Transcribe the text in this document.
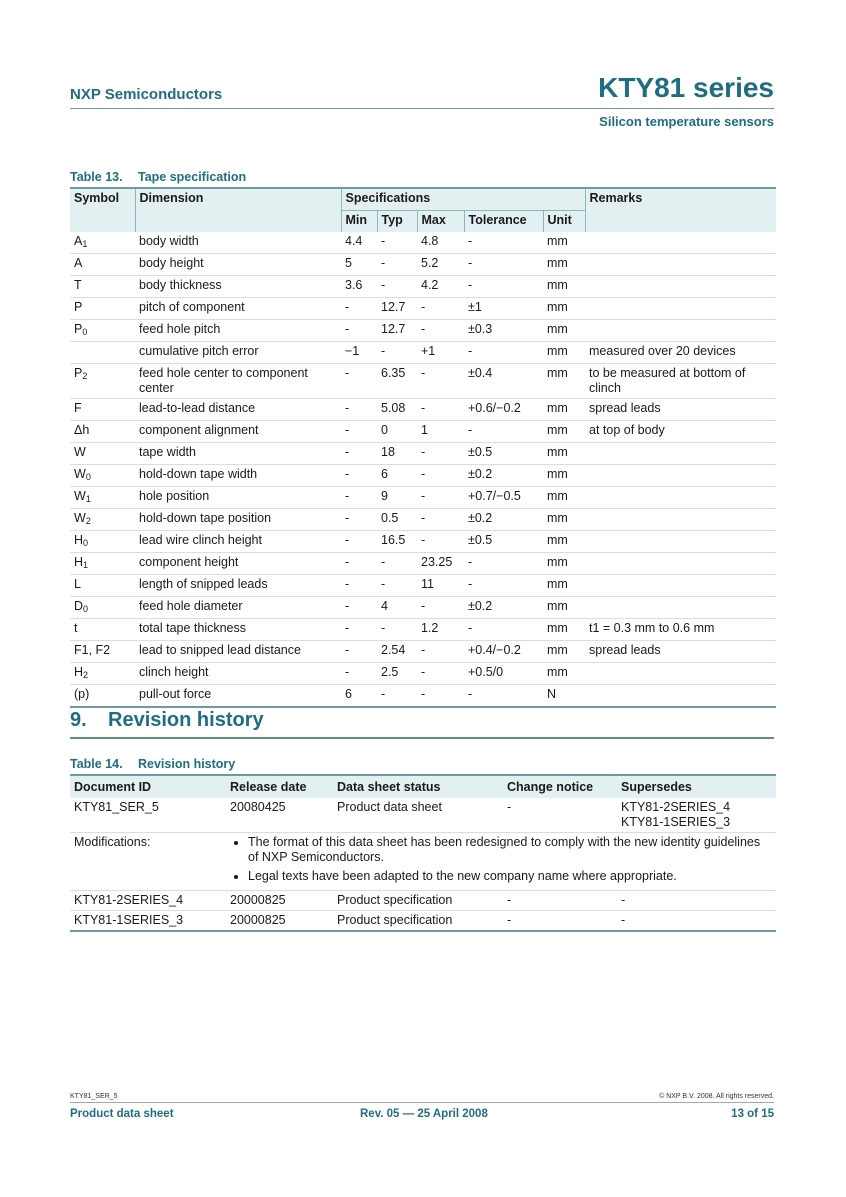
NXP Semiconductors	KTY81 series
Silicon temperature sensors
Table 13. Tape specification
Symbol	Dimension	Specifications					Remarks
		Min	Typ	Max	Tolerance	Unit	
$A_1$	body width	4.4	-	4.8	-	mm	
A	body height	5	-	5.2	-	mm	
T	body thickness	3.6	-	4.2	-	mm	
P	pitch of component	-	12.7	-	±1	mm	
$P_0$	feed hole pitch	-	12.7	-	±0.3	mm	
	cumulative pitch error	−1	-	+1	-	mm	measured over 20 devices
$P_2$	feed hole center to component center	-	6.35	-	±0.4	mm	to be measured at bottom of clinch
F	lead-to-lead distance	-	5.08	-	+0.6/−0.2	mm	spread leads
Δh	component alignment	-	0	1	-	mm	at top of body
W	tape width	-	18	-	±0.5	mm	
$W_0$	hold-down tape width	-	6	-	±0.2	mm	
$W_1$	hole position	-	9	-	+0.7/−0.5	mm	
$W_2$	hold-down tape position	-	0.5	-	±0.2	mm	
$H_0$	lead wire clinch height	-	16.5	-	±0.5	mm	
$H_1$	component height	-	-	23.25	-	mm	
L	length of snipped leads	-	-	11	-	mm	
$D_0$	feed hole diameter	-	4	-	±0.2	mm	
t	total tape thickness	-	-	1.2	-	mm	t1 = 0.3 mm to 0.6 mm
F1, F2	lead to snipped lead distance	-	2.54	-	+0.4/−0.2	mm	spread leads
$H_2$	clinch height	-	2.5	-	+0.5/0	mm	
(p)	pull-out force	6	-	-	-	N	
9. Revision history
Table 14. Revision history
Document ID	Release date	Data sheet status	Change notice	Supersedes
KTY81_SER_5	20080425	Product data sheet	-	KTY81-2SERIES_4
KTY81-1SERIES_3

Modifications:	
•The format of this data sheet has been redesigned to comply with the new identity guidelines of NXP Semiconductors.
• Legal texts have been adapted to the new company name where appropriate.

KTY81-2SERIES_4	20000825	Product specification	-	-
KTY81-1SERIES_3	20000825	Product specification	-	-
KTY81_SER_5	© NXP B.V. 2008. All rights reserved.
Product data sheet	Rev. 05 — 25 April 2008	13 of 15
